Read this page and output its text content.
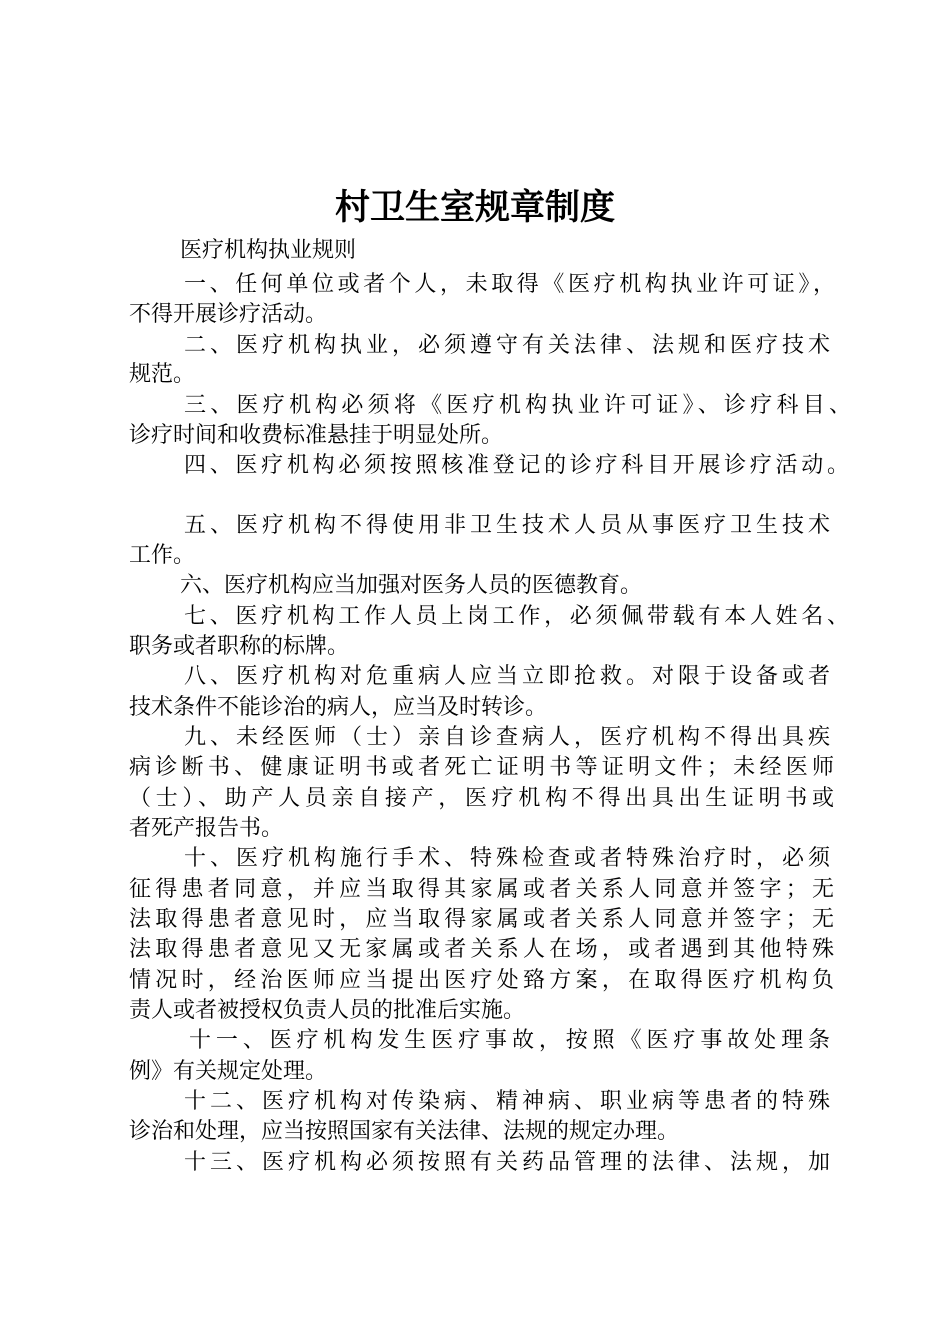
村卫生室规章制度
医疗机构执业规则
一、任何单位或者个人，未取得《医疗机构执业许可证》，
不得开展诊疗活动。
二、医疗机构执业，必须遵守有关法律、法规和医疗技术
规范。
三、医疗机构必须将《医疗机构执业许可证》、诊疗科目、
诊疗时间和收费标准悬挂于明显处所。
四、医疗机构必须按照核准登记的诊疗科目开展诊疗活动。
五、医疗机构不得使用非卫生技术人员从事医疗卫生技术
工作。
六、医疗机构应当加强对医务人员的医德教育。
七、医疗机构工作人员上岗工作，必须佩带载有本人姓名、
职务或者职称的标牌。
八、医疗机构对危重病人应当立即抢救。对限于设备或者
技术条件不能诊治的病人，应当及时转诊。
九、未经医师（士）亲自诊查病人，医疗机构不得出具疾
病诊断书、健康证明书或者死亡证明书等证明文件；未经医师
（士）、助产人员亲自接产，医疗机构不得出具出生证明书或
者死产报告书。
十、医疗机构施行手术、特殊检查或者特殊治疗时，必须
征得患者同意，并应当取得其家属或者关系人同意并签字；无
法取得患者意见时，应当取得家属或者关系人同意并签字；无
法取得患者意见又无家属或者关系人在场，或者遇到其他特殊
情况时，经治医师应当提出医疗处臵方案，在取得医疗机构负
责人或者被授权负责人员的批准后实施。
十一、医疗机构发生医疗事故，按照《医疗事故处理条
例》有关规定处理。
十二、医疗机构对传染病、精神病、职业病等患者的特殊
诊治和处理，应当按照国家有关法律、法规的规定办理。
十三、医疗机构必须按照有关药品管理的法律、法规，加
